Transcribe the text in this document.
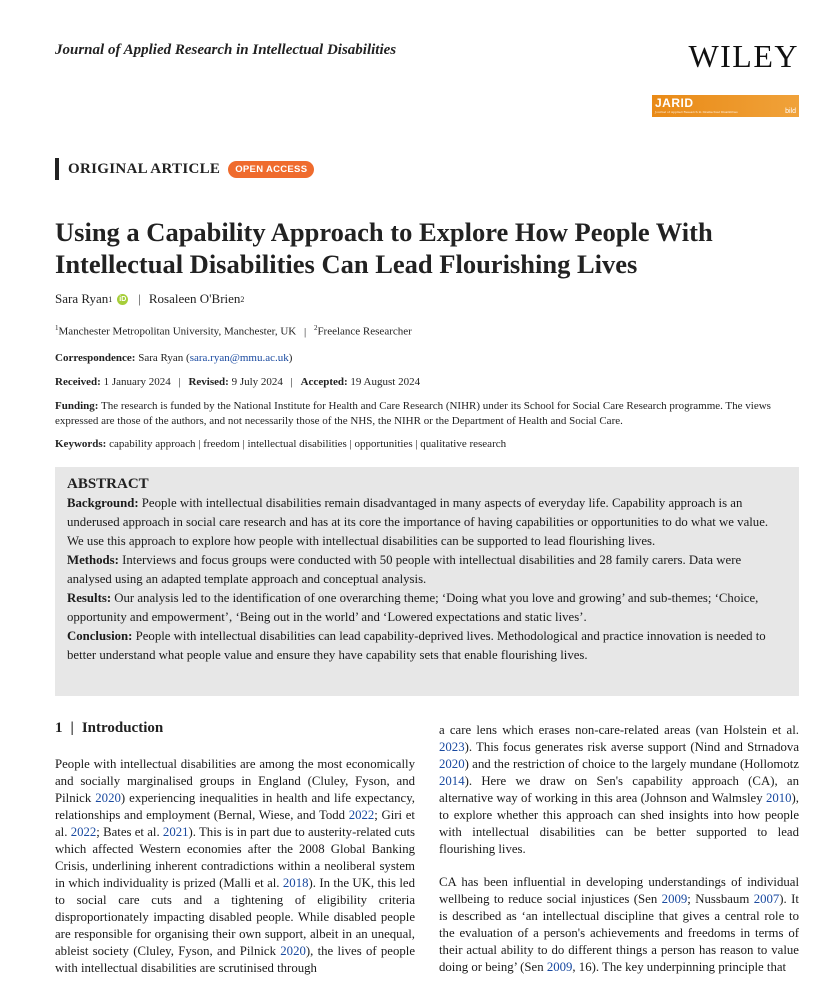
Journal of Applied Research in Intellectual Disabilities	WILEY
JARID
Journal of Applied Research in Intellectual Disabilities	bild
ORIGINAL ARTICLE	OPEN ACCESS
Using a Capability Approach to Explore How People With Intellectual Disabilities Can Lead Flourishing Lives
Sara Ryan 1 iD | Rosaleen O'Brien 2
$^1$Manchester Metropolitan University, Manchester, UK | $^2$Freelance Researcher
Correspondence: Sara Ryan (sara.ryan@mmu.ac.uk)
Received: 1 January 2024 | Revised: 9 July 2024 | Accepted: 19 August 2024
Funding: The research is funded by the National Institute for Health and Care Research (NIHR) under its School for Social Care Research programme. The views expressed are those of the authors, and not necessarily those of the NHS, the NIHR or the Department of Health and Social Care.
Keywords: capability approach | freedom | intellectual disabilities | opportunities | qualitative research
ABSTRACT

Background: People with intellectual disabilities remain disadvantaged in many aspects of everyday life. Capability approach is an underused approach in social care research and has at its core the importance of having capabilities or opportunities to do what we value. We use this approach to explore how people with intellectual disabilities can be supported to lead flourishing lives.

Methods: Interviews and focus groups were conducted with 50 people with intellectual disabilities and 28 family carers. Data were analysed using an adapted template approach and conceptual analysis.

Results: Our analysis led to the identification of one overarching theme; ‘Doing what you love and growing’ and sub-themes; ‘Choice, opportunity and empowerment’, ‘Being out in the world’ and ‘Lowered expectations and static lives’.

Conclusion: People with intellectual disabilities can lead capability-deprived lives. Methodological and practice innovation is needed to better understand what people value and ensure they have capability sets that enable flourishing lives.

1 | Introduction
People with intellectual disabilities are among the most economically and socially marginalised groups in England (Cluley, Fyson, and Pilnick 2020) experiencing inequalities in health and life expectancy, relationships and employment (Bernal, Wiese, and Todd 2022; Giri et al. 2022; Bates et al. 2021). This is in part due to austerity-related cuts which affected Western economies after the 2008 Global Banking Crisis, underlining inherent contradictions within a neoliberal system in which individuality is prized (Malli et al. 2018). In the UK, this led to social care cuts and a tightening of eligibility criteria disproportionately impacting disabled people. While disabled people are responsible for organising their own support, albeit in an unequal, ableist society (Cluley, Fyson, and Pilnick 2020), the lives of people with intellectual disabilities are scrutinised through
a care lens which erases non-care-related areas (van Holstein et al. 2023). This focus generates risk averse support (Nind and Strnadova 2020) and the restriction of choice to the largely mundane (Hollomotz 2014). Here we draw on Sen's capability approach (CA), an alternative way of working in this area (Johnson and Walmsley 2010), to explore whether this approach can shed insights into how people with intellectual disabilities can be better supported to lead flourishing lives.
CA has been influential in developing understandings of individual wellbeing to reduce social injustices (Sen 2009; Nussbaum 2007). It is described as ‘an intellectual discipline that gives a central role to the evaluation of a person's achievements and freedoms in terms of their actual ability to do different things a person has reason to value doing or being’ (Sen 2009, 16). The key underpinning principle that
